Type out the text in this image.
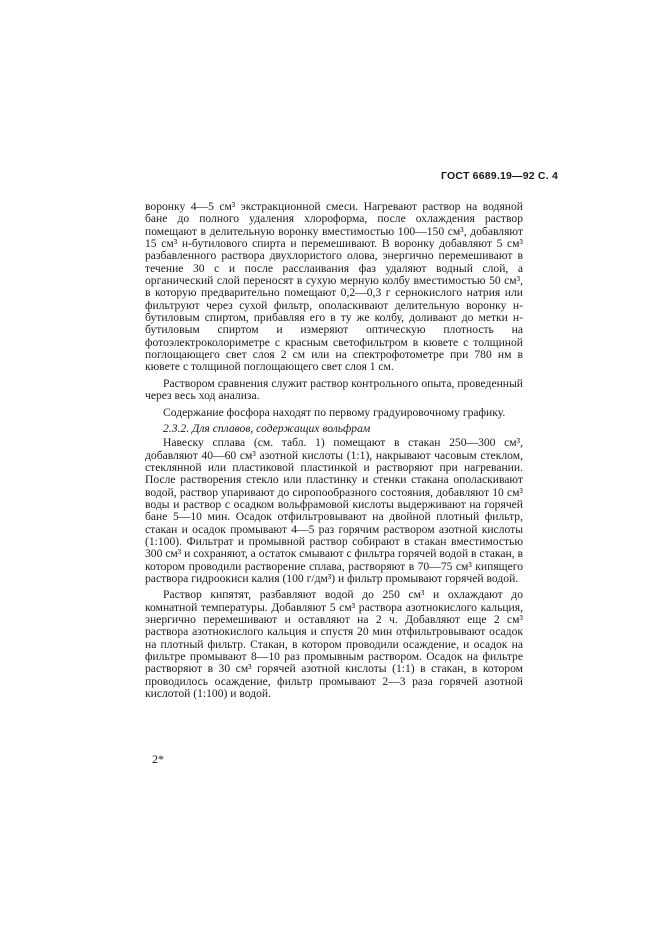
ГОСТ 6689.19—92 С. 4

воронку 4—5 см³ экстракционной смеси. Нагревают раствор на водяной бане до полного удаления хлороформа, после охлаждения раствор помещают в делительную воронку вместимостью 100—150 см³, добавляют 15 см³ н-бутилового спирта и перемешивают. В воронку добавляют 5 см³ разбавленного раствора двухлористого олова, энергично перемешивают в течение 30 с и после расслаивания фаз удаляют водный слой, а органический слой переносят в сухую мерную колбу вместимостью 50 см³, в которую предварительно помещают 0,2—0,3 г сернокислого натрия или фильтруют через сухой фильтр, ополаскивают делительную воронку н-бутиловым спиртом, прибавляя его в ту же колбу, доливают до метки н-бутиловым спиртом и измеряют оптическую плотность на фотоэлектроколориметре с красным светофильтром в кювете с толщиной поглощающего свет слоя 2 см или на спектрофотометре при 780 нм в кювете с толщиной поглощающего свет слоя 1 см.

Раствором сравнения служит раствор контрольного опыта, проведенный через весь ход анализа.

Содержание фосфора находят по первому градуировочному графику.

2.3.2. Для сплавов, содержащих вольфрам

Навеску сплава (см. табл. 1) помещают в стакан 250—300 см³, добавляют 40—60 см³ азотной кислоты (1:1), накрывают часовым стеклом, стеклянной или пластиковой пластинкой и растворяют при нагревании. После растворения стекло или пластинку и стенки стакана ополаскивают водой, раствор упаривают до сиропообразного состояния, добавляют 10 см³ воды и раствор с осадком вольфрамовой кислоты выдерживают на горячей бане 5—10 мин. Осадок отфильтровывают на двойной плотный фильтр, стакан и осадок промывают 4—5 раз горячим раствором азотной кислоты (1:100). Фильтрат и промывной раствор собирают в стакан вместимостью 300 см³ и сохраняют, а остаток смывают с фильтра горячей водой в стакан, в котором проводили растворение сплава, растворяют в 70—75 см³ кипящего раствора гидроокиси калия (100 г/дм³) и фильтр промывают горячей водой.

Раствор кипятят, разбавляют водой до 250 см³ и охлаждают до комнатной температуры. Добавляют 5 см³ раствора азотнокислого кальция, энергично перемешивают и оставляют на 2 ч. Добавляют еще 2 см³ раствора азотнокислого кальция и спустя 20 мин отфильтровывают осадок на плотный фильтр. Стакан, в котором проводили осаждение, и осадок на фильтре промывают 8—10 раз промывным раствором. Осадок на фильтре растворяют в 30 см³ горячей азотной кислоты (1:1) в стакан, в котором проводилось осаждение, фильтр промывают 2—3 раза горячей азотной кислотой (1:100) и водой.

2*
